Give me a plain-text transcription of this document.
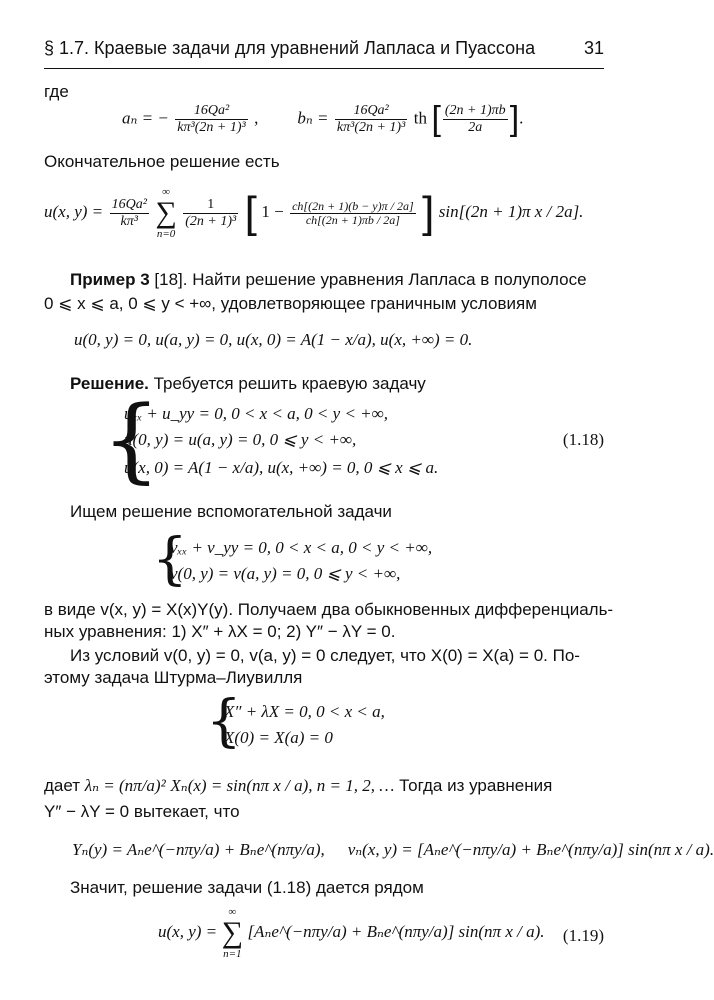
§ 1.7. Краевые задачи для уравнений Лапласа и Пуассона	31
где
aₙ = − $\frac{\text{16Qa²}}{\text{kπ³(2n + 1)³}}$ , $b_n = \frac{\text{16Qa²}}{\text{kπ³(2n + 1)³}}$ th [ $\frac{(2n + 1)\pi b}{2a}$ ].
Окончательное решение есть
u(x, $y) = \frac{\text{16Qa²}}{\text{kπ³}}$

∞
∑
n=0

$\frac{1}{\text{(2n + 1)³}}$ [ $1 - \frac{ch[(2n + 1)(b - y)\pi / 2a]}{ch[(2n + 1)\pi b / 2a]}$ ] sin[(2n + 1)π x / 2a].
Пример 3 [18]. Найти решение уравнения Лапласа в полуполосе
0 ⩽ x ⩽ a, 0 ⩽ y < +∞, удовлетворяющее граничным условиям
u(0, y) = 0, u(a, y) = 0, u(x, 0) = A(1 − x/a), u(x, +∞) = 0.
Решение. Требуется решить краевую задачу
{
uₓₓ + u_yy = 0, 0 < x < a, 0 < y < +∞,
u(0, y) = u(a, y) = 0, 0 ⩽ y < +∞,
u(x, 0) = A(1 − x/a), u(x, +∞) = 0, 0 ⩽ x ⩽ a.
(1.18)
Ищем решение вспомогательной задачи
{
vₓₓ + v_yy = 0, 0 < x < a, 0 < y < +∞,
v(0, y) = v(a, y) = 0, 0 ⩽ y < +∞,
в виде v(x, y) = X(x)Y(y). Получаем два обыкновенных дифференциаль-
ных уравнения: 1) X″ + λX = 0; 2) Y″ − λY = 0.
Из условий v(0, y) = 0, v(a, y) = 0 следует, что X(0) = X(a) = 0. По-
этому задача Штурма–Лиувилля
{
X″ + λX = 0, 0 < x < a,
X(0) = X(a) = 0
дает λₙ = (nπ/a)² Xₙ(x) = sin(nπ x / a), n = 1, 2, … Тогда из уравнения
Y″ − λY = 0 вытекает, что
Yₙ(y) = Aₙe^(−nπy/a) + Bₙe^(nπy/a), vₙ(x, y) = [Aₙe^(−nπy/a) + Bₙe^(nπy/a)] sin(nπ x / a).
Значит, решение задачи (1.18) дается рядом
u(x, y) =
∞
∑
n=1
[Aₙe^(−nπy/a) + Bₙe^(nπy/a)] sin(nπ x / a). (1.19)
